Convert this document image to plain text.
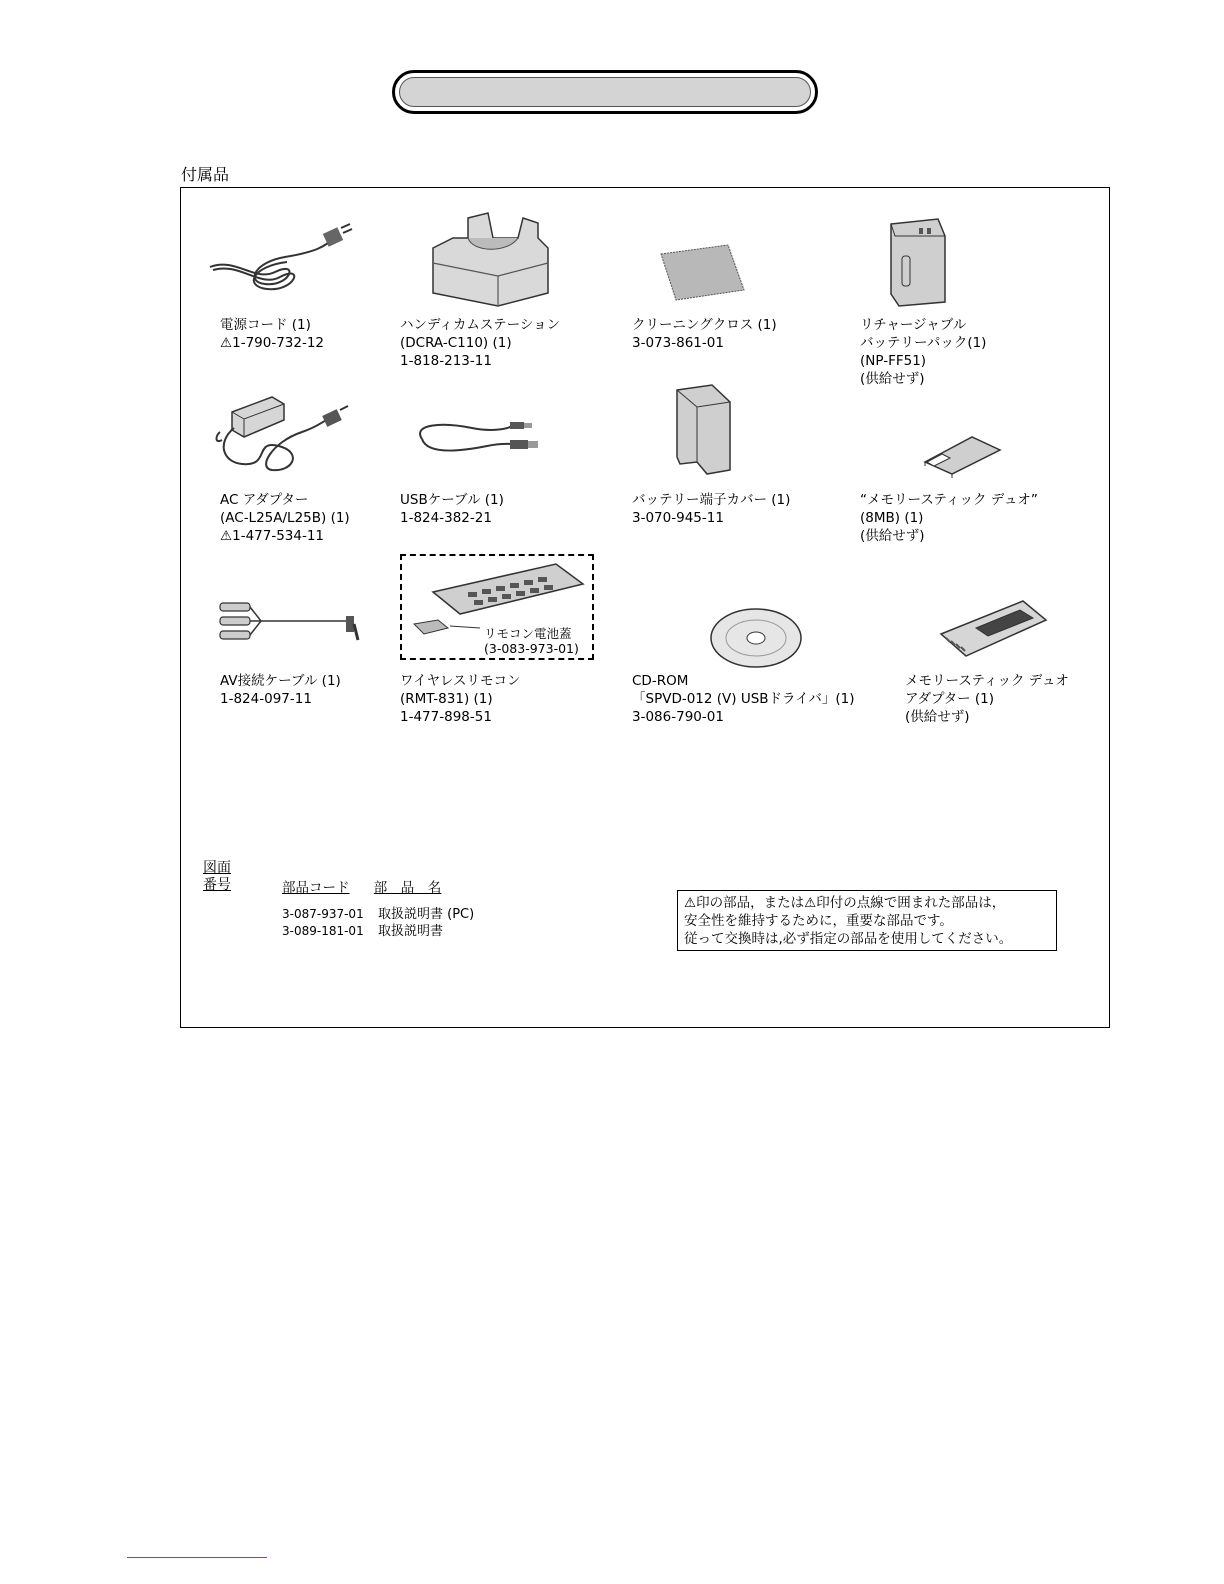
付属品
リモコン電池蓋
(3-083-973-01)
電源コード (1)
⚠1-790-732-12
ハンディカムステーション
(DCRA-C110) (1)
1-818-213-11
クリーニングクロス (1)
3-073-861-01
リチャージャブル
バッテリーパック(1)
(NP-FF51)
(供給せず)
AC アダプター
(AC-L25A/L25B) (1)
⚠1-477-534-11
USBケーブル (1)
1-824-382-21
バッテリー端子カバー (1)
3-070-945-11
“メモリースティック デュオ”
(8MB) (1)
(供給せず)
AV接続ケーブル (1)
1-824-097-11
ワイヤレスリモコン
(RMT-831) (1)
1-477-898-51
CD-ROM
「SPVD-012 (V) USBドライバ」(1)
3-086-790-01
メモリースティック デュオ
アダプター (1)
(供給せず)
図面
番号	部品コード 部　品　名
3-087-937-01 取扱説明書 (PC)
3-089-181-01 取扱説明書
⚠印の部品，または⚠印付の点線で囲まれた部品は，
安全性を維持するために，重要な部品です。
従って交換時は,必ず指定の部品を使用してください。
